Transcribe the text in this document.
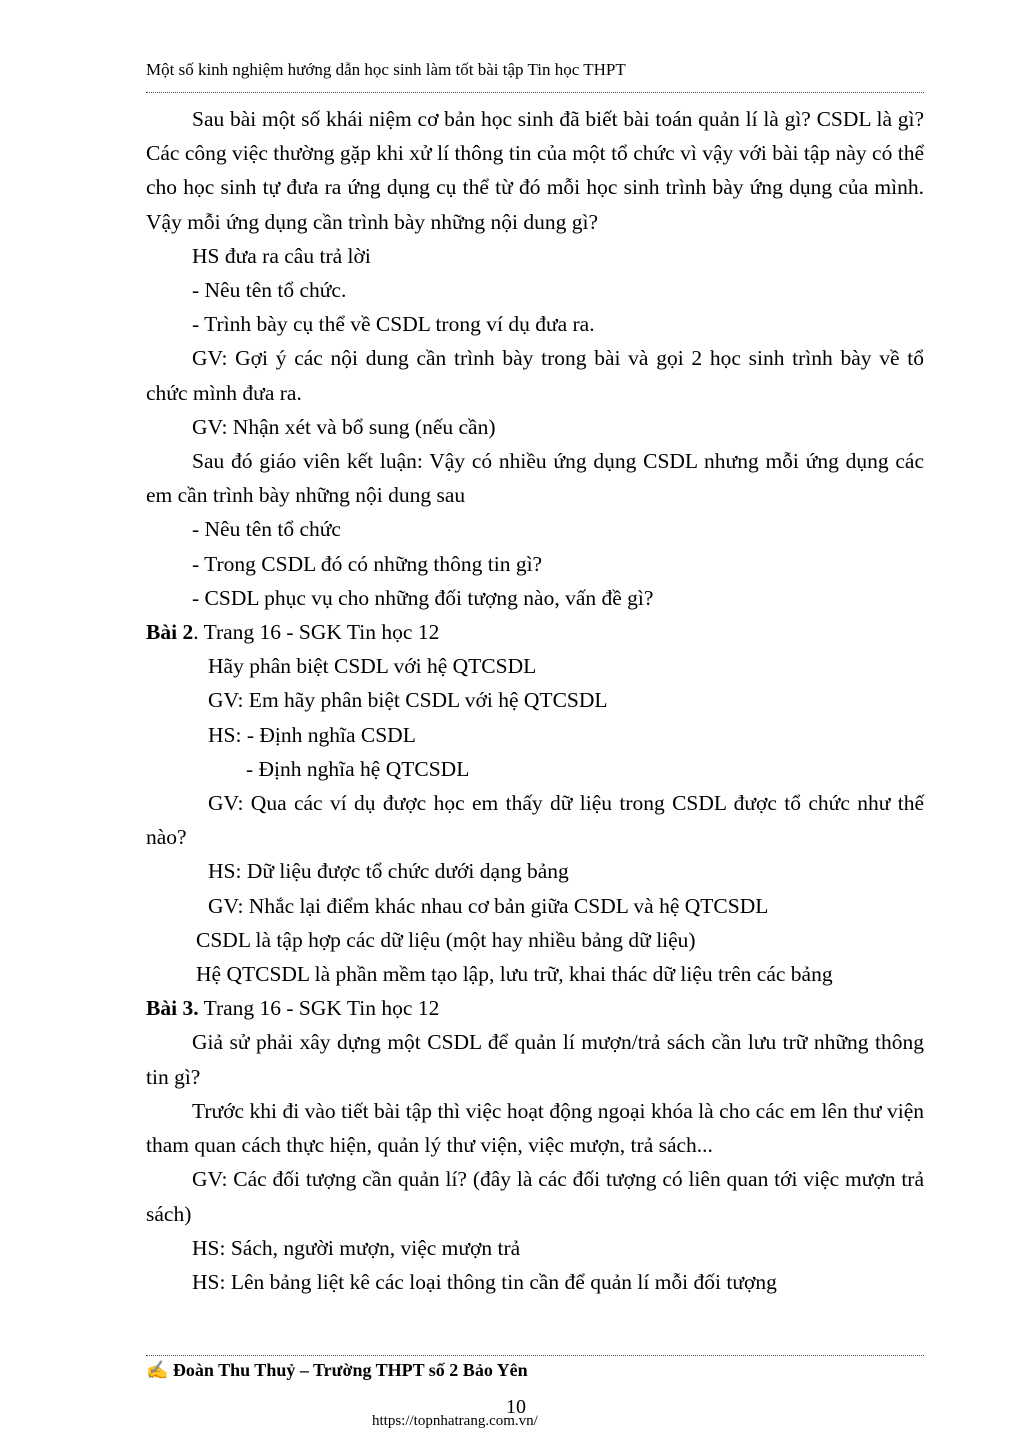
Một số kinh nghiệm hướng dẫn học sinh làm tốt bài tập Tin học THPT

Sau bài một số khái niệm cơ bản học sinh đã biết bài toán quản lí là gì? CSDL là gì? Các công việc thường gặp khi xử lí thông tin của một tổ chức vì vậy với bài tập này có thể cho học sinh tự đưa ra ứng dụng cụ thể từ đó mỗi học sinh trình bày ứng dụng của mình. Vậy mỗi ứng dụng cần trình bày những nội dung gì?

HS đưa ra câu trả lời

- Nêu tên tổ chức.

- Trình bày cụ thể về CSDL trong ví dụ đưa ra.

GV: Gợi ý các nội dung cần trình bày trong bài và gọi 2 học sinh trình bày về tổ chức mình đưa ra.

GV: Nhận xét và bổ sung (nếu cần)

Sau đó giáo viên kết luận: Vậy có nhiều ứng dụng CSDL nhưng mỗi ứng dụng các em cần trình bày những nội dung sau

- Nêu tên tổ chức

- Trong CSDL đó có những thông tin gì?

- CSDL phục vụ cho những đối tượng nào, vấn đề gì?

Bài 2. Trang 16 - SGK Tin học 12

Hãy phân biệt CSDL với hệ QTCSDL

GV: Em hãy phân biệt CSDL với hệ QTCSDL

HS: - Định nghĩa CSDL

- Định nghĩa hệ QTCSDL

GV: Qua các ví dụ được học em thấy dữ liệu trong CSDL được tổ chức như thế nào?

HS: Dữ liệu được tổ chức dưới dạng bảng

GV: Nhắc lại điểm khác nhau cơ bản giữa CSDL và hệ QTCSDL

CSDL là tập hợp các dữ liệu (một hay nhiều bảng dữ liệu)

Hệ QTCSDL là phần mềm tạo lập, lưu trữ, khai thác dữ liệu trên các bảng

Bài 3. Trang 16 - SGK Tin học 12

Giả sử phải xây dựng một CSDL để quản lí mượn/trả sách cần lưu trữ những thông tin gì?

Trước khi đi vào tiết bài tập thì việc hoạt động ngoại khóa là cho các em lên thư viện tham quan cách thực hiện, quản lý thư viện, việc mượn, trả sách...

GV: Các đối tượng cần quản lí? (đây là các đối tượng có liên quan tới việc mượn trả sách)

HS: Sách, người mượn, việc mượn trả

HS: Lên bảng liệt kê các loại thông tin cần để quản lí mỗi đối tượng

✍ Đoàn Thu Thuỷ – Trường THPT số 2 Bảo Yên
10
https://topnhatrang.com.vn/
